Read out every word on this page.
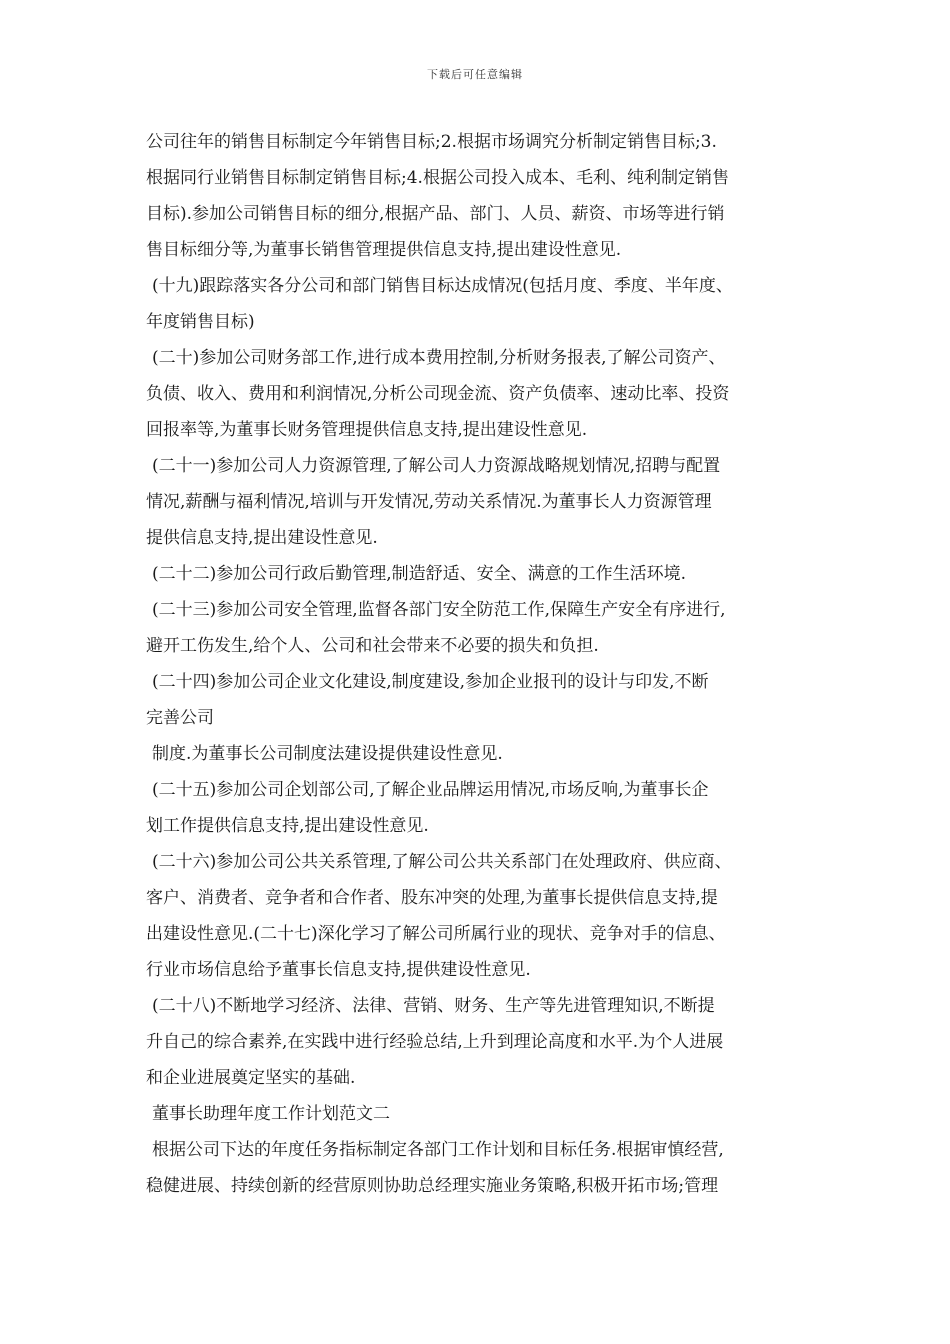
下载后可任意编辑
公司往年的销售目标制定今年销售目标;2.根据市场调究分析制定销售目标;3.
根据同行业销售目标制定销售目标;4.根据公司投入成本、毛利、纯利制定销售
目标).参加公司销售目标的细分,根据产品、部门、人员、薪资、市场等进行销
售目标细分等,为董事长销售管理提供信息支持,提出建设性意见.
(十九)跟踪落实各分公司和部门销售目标达成情况(包括月度、季度、半年度、
年度销售目标)
(二十)参加公司财务部工作,进行成本费用控制,分析财务报表,了解公司资产、
负债、收入、费用和利润情况,分析公司现金流、资产负债率、速动比率、投资
回报率等,为董事长财务管理提供信息支持,提出建设性意见.
(二十一)参加公司人力资源管理,了解公司人力资源战略规划情况,招聘与配置
情况,薪酬与福利情况,培训与开发情况,劳动关系情况.为董事长人力资源管理
提供信息支持,提出建设性意见.
(二十二)参加公司行政后勤管理,制造舒适、安全、满意的工作生活环境.
(二十三)参加公司安全管理,监督各部门安全防范工作,保障生产安全有序进行,
避开工伤发生,给个人、公司和社会带来不必要的损失和负担.
(二十四)参加公司企业文化建设,制度建设,参加企业报刊的设计与印发,不断
完善公司
制度.为董事长公司制度法建设提供建设性意见.
(二十五)参加公司企划部公司,了解企业品牌运用情况,市场反响,为董事长企
划工作提供信息支持,提出建设性意见.
(二十六)参加公司公共关系管理,了解公司公共关系部门在处理政府、供应商、
客户、消费者、竞争者和合作者、股东冲突的处理,为董事长提供信息支持,提
出建设性意见.(二十七)深化学习了解公司所属行业的现状、竞争对手的信息、
行业市场信息给予董事长信息支持,提供建设性意见.
(二十八)不断地学习经济、法律、营销、财务、生产等先进管理知识,不断提
升自己的综合素养,在实践中进行经验总结,上升到理论高度和水平.为个人进展
和企业进展奠定坚实的基础.
董事长助理年度工作计划范文二
根据公司下达的年度任务指标制定各部门工作计划和目标任务.根据审慎经营,
稳健进展、持续创新的经营原则协助总经理实施业务策略,积极开拓市场;管理
